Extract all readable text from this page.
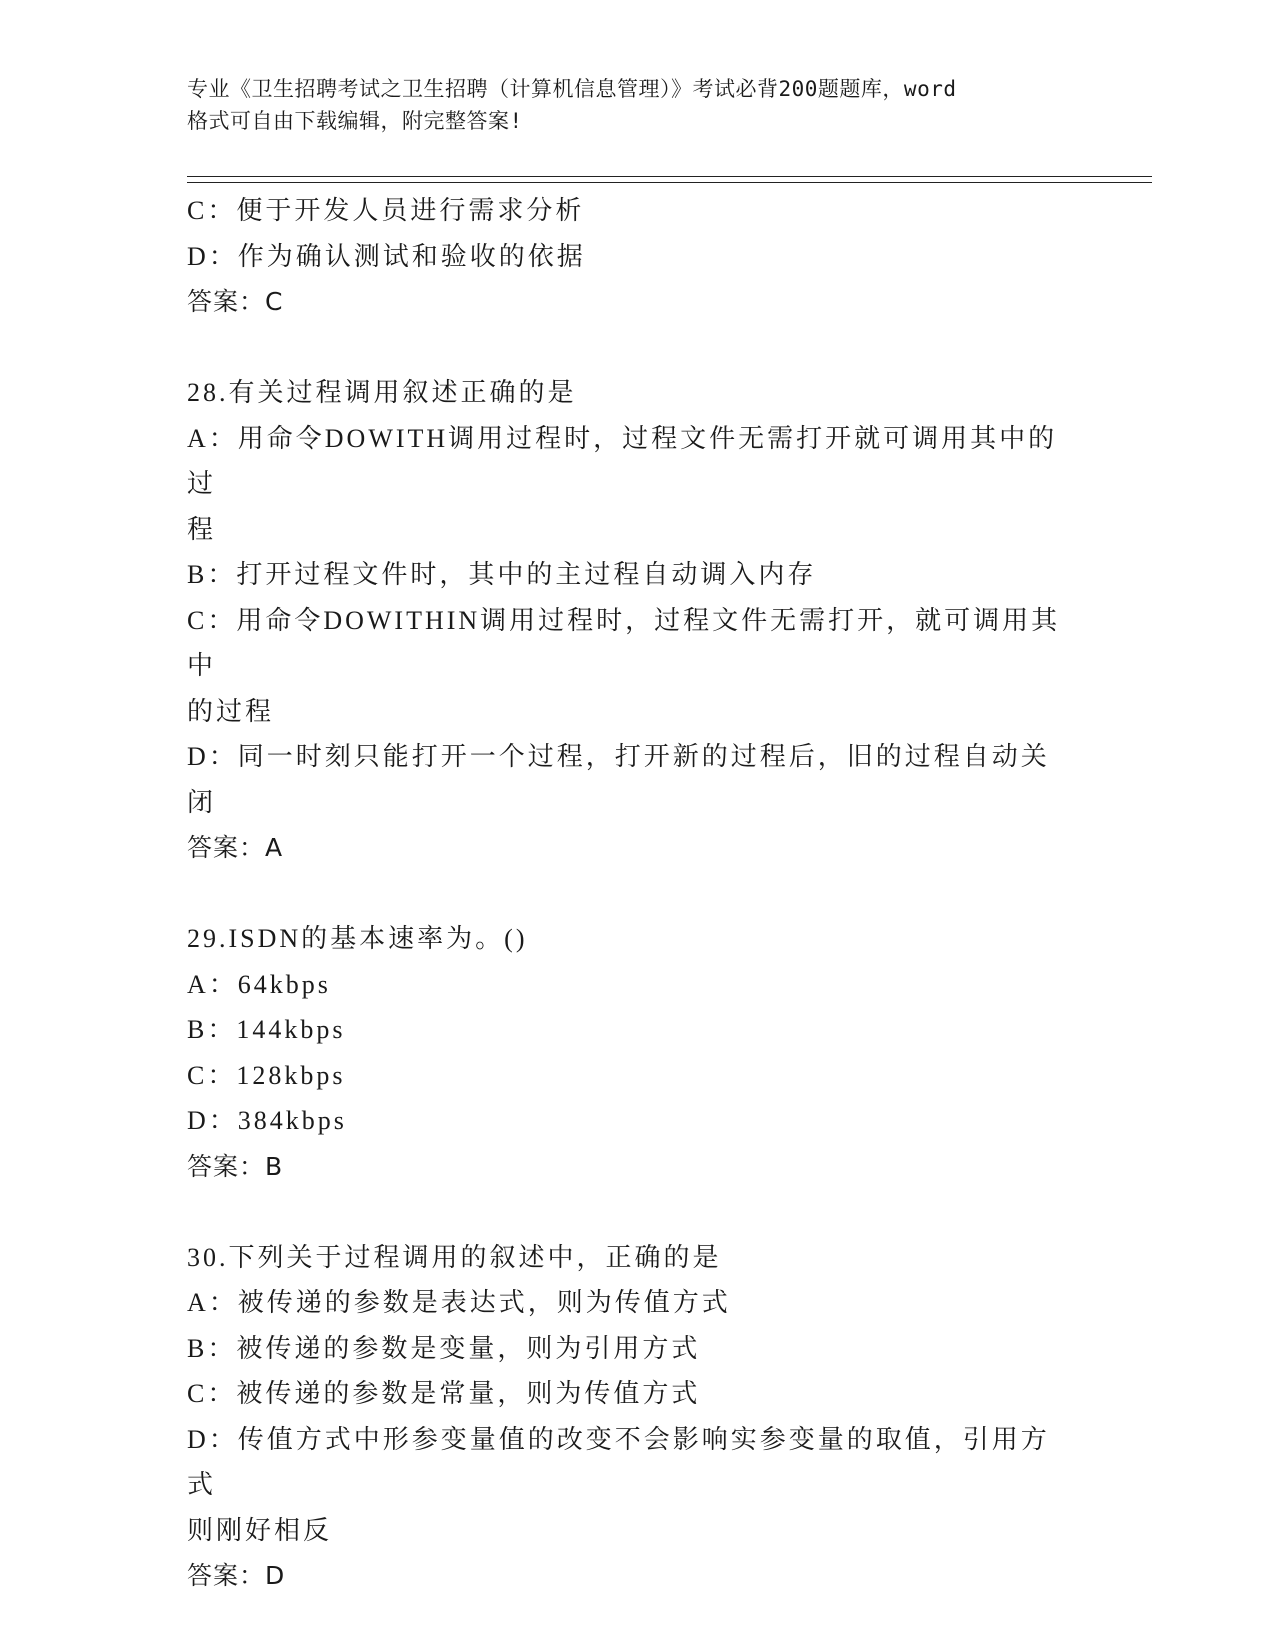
专业《卫生招聘考试之卫生招聘（计算机信息管理）》考试必背200题题库，word
格式可自由下载编辑，附完整答案!
C：便于开发人员进行需求分析
D：作为确认测试和验收的依据
答案：C
28.有关过程调用叙述正确的是
A：用命令DOWITH调用过程时，过程文件无需打开就可调用其中的过
程
B：打开过程文件时，其中的主过程自动调入内存
C：用命令DOWITHIN调用过程时，过程文件无需打开，就可调用其中
的过程
D：同一时刻只能打开一个过程，打开新的过程后，旧的过程自动关闭
答案：A
29.ISDN的基本速率为。()
A：64kbps
B：144kbps
C：128kbps
D：384kbps
答案：B
30.下列关于过程调用的叙述中，正确的是
A：被传递的参数是表达式，则为传值方式
B：被传递的参数是变量，则为引用方式
C：被传递的参数是常量，则为传值方式
D：传值方式中形参变量值的改变不会影响实参变量的取值，引用方式
则刚好相反
答案：D
